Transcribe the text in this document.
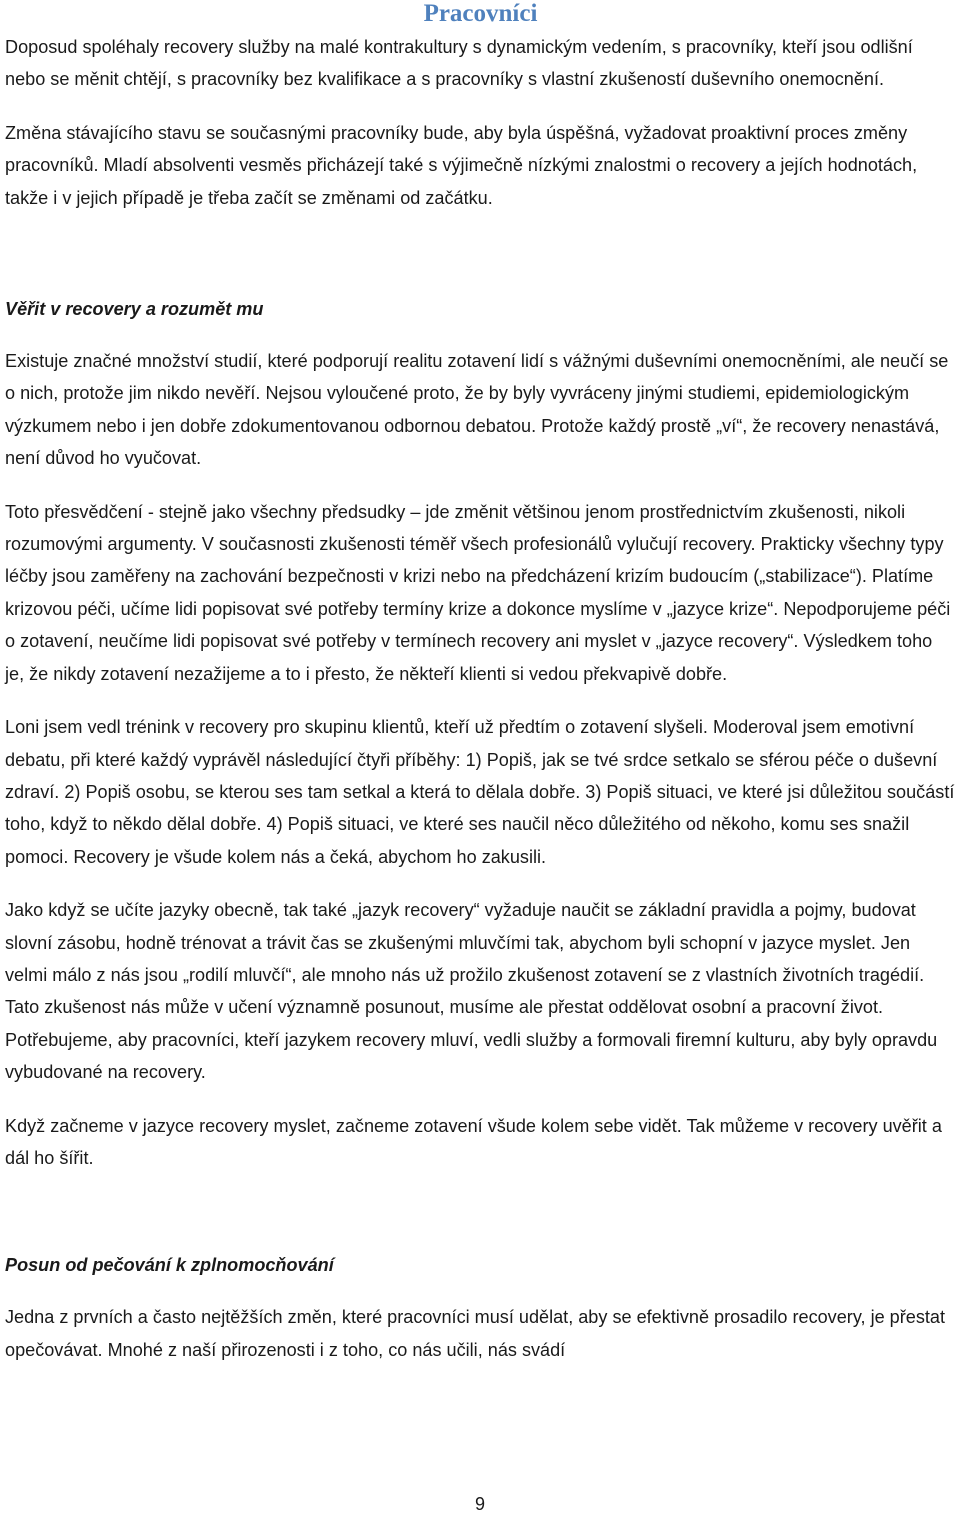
Pracovníci

Doposud spoléhaly recovery služby na malé kontrakultury s dynamickým vedením, s pracovníky, kteří jsou odlišní nebo se měnit chtějí, s pracovníky bez kvalifikace a s pracovníky s vlastní zkušeností duševního onemocnění.

Změna stávajícího stavu se současnými pracovníky bude, aby byla úspěšná, vyžadovat proaktivní proces změny pracovníků. Mladí absolventi vesměs přicházejí také s výjimečně nízkými znalostmi o recovery a jejích hodnotách, takže i v jejich případě je třeba začít se změnami od začátku.

Věřit v recovery a rozumět mu

Existuje značné množství studií, které podporují realitu zotavení lidí s vážnými duševními onemocněními, ale neučí se o nich, protože jim nikdo nevěří. Nejsou vyloučené proto, že by byly vyvráceny jinými studiemi, epidemiologickým výzkumem nebo i jen dobře zdokumentovanou odbornou debatou. Protože každý prostě „ví“, že recovery nenastává, není důvod ho vyučovat.

Toto přesvědčení - stejně jako všechny předsudky – jde změnit většinou jenom prostřednictvím zkušenosti, nikoli rozumovými argumenty. V současnosti zkušenosti téměř všech profesionálů vylučují recovery. Prakticky všechny typy léčby jsou zaměřeny na zachování bezpečnosti v krizi nebo na předcházení krizím budoucím („stabilizace“). Platíme krizovou péči, učíme lidi popisovat své potřeby termíny krize a dokonce myslíme v „jazyce krize“. Nepodporujeme péči o zotavení, neučíme lidi popisovat své potřeby v termínech recovery ani myslet v „jazyce recovery“. Výsledkem toho je, že nikdy zotavení nezažijeme a to i přesto, že někteří klienti si vedou překvapivě dobře.

Loni jsem vedl trénink v recovery pro skupinu klientů, kteří už předtím o zotavení slyšeli. Moderoval jsem emotivní debatu, při které každý vyprávěl následující čtyři příběhy: 1) Popiš, jak se tvé srdce setkalo se sférou péče o duševní zdraví. 2) Popiš osobu, se kterou ses tam setkal a která to dělala dobře. 3) Popiš situaci, ve které jsi důležitou součástí toho, když to někdo dělal dobře. 4) Popiš situaci, ve které ses naučil něco důležitého od někoho, komu ses snažil pomoci. Recovery je všude kolem nás a čeká, abychom ho zakusili.

Jako když se učíte jazyky obecně, tak také „jazyk recovery“ vyžaduje naučit se základní pravidla a pojmy, budovat slovní zásobu, hodně trénovat a trávit čas se zkušenými mluvčími tak, abychom byli schopní v jazyce myslet. Jen velmi málo z nás jsou „rodilí mluvčí“, ale mnoho nás už prožilo zkušenost zotavení se z vlastních životních tragédií. Tato zkušenost nás může v učení významně posunout, musíme ale přestat oddělovat osobní a pracovní život. Potřebujeme, aby pracovníci, kteří jazykem recovery mluví, vedli služby a formovali firemní kulturu, aby byly opravdu vybudované na recovery.

Když začneme v jazyce recovery myslet, začneme zotavení všude kolem sebe vidět. Tak můžeme v recovery uvěřit a dál ho šířit.

Posun od pečování k zplnomocňování

Jedna z prvních a často nejtěžších změn, které pracovníci musí udělat, aby se efektivně prosadilo recovery, je přestat opečovávat. Mnohé z naší přirozenosti i z toho, co nás učili, nás svádí

9
